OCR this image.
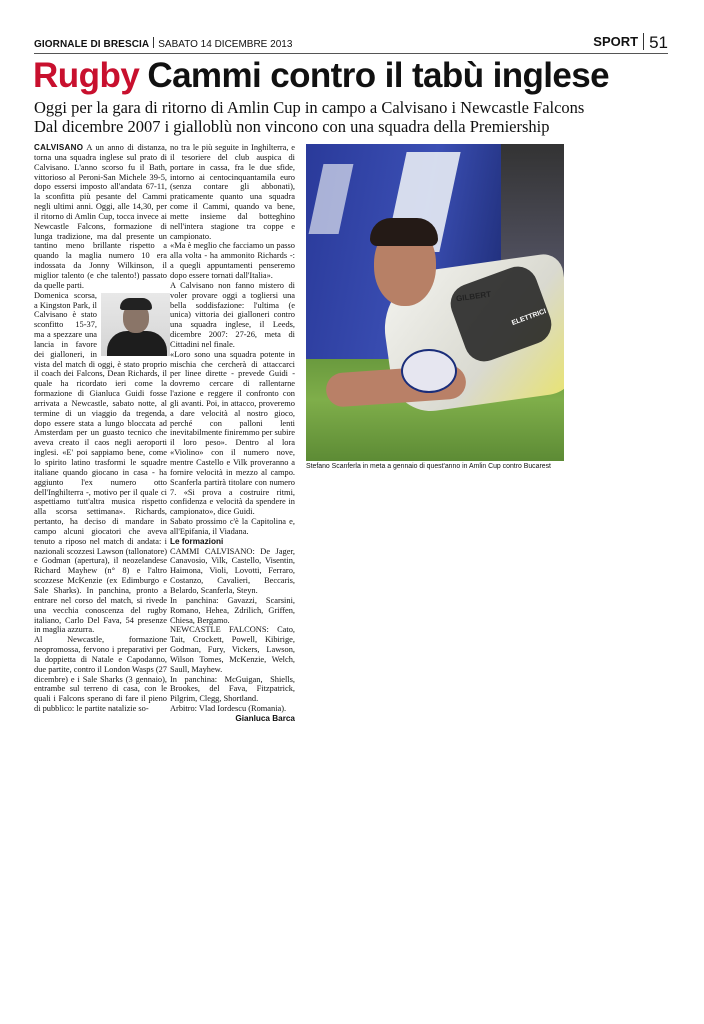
GIORNALE DI BRESCIA SABATO 14 DICEMBRE 2013	SPORT 51
Rugby Cammi contro il tabù inglese
Oggi per la gara di ritorno di Amlin Cup in campo a Calvisano i Newcastle Falcons
Dal dicembre 2007 i giallоblù non vincono con una squadra della Premiership

CALVISANO A un anno di distanza, torna una squadra inglese sul prato di Calvisano. L'anno scorso fu il Bath, vittorioso al Peroni-San Michele 39-5, dopo essersi imposto all'andata 67-11, la sconfitta più pesante del Cammi negli ultimi anni. Oggi, alle 14,30, per il ritorno di Amlin Cup, tocca invece ai Newcastle Falcons, formazione di lunga tradizione, ma dal presente un tantino meno brillante rispetto a quando la maglia numero 10 era indossata da Jonny Wilkinson, il miglior talento (e che talento!) passato da quelle parti.

Domenica scorsa, a Kingston Park, il Calvisano è stato sconfitto 15-37, ma a spezzare una lancia in favore dei gialloneri, in vista del match di oggi, è stato proprio il coach dei Falcons, Dean Richards, il quale ha ricordato ieri come la formazione di Gianluca Guidi fosse arrivata a Newcastle, sabato notte, al termine di un viaggio da tregenda, dopo essere stata a lungo bloccata ad Amsterdam per un guasto tecnico che aveva creato il caos negli aeroporti inglesi. «E' poi sappiamo bene, come lo spirito latino trasformi le squadre italiane quando giocano in casa - ha aggiunto l'ex numero otto dell'Inghilterra -, motivo per il quale ci aspettiamo tutt'altra musica rispetto alla scorsa settimana». Richards, pertanto, ha deciso di mandare in campo alcuni giocatori che aveva tenuto a riposo nel match di andata: i nazionali scozzesi Lawson (tallonatore) e Godman (apertura), il neozelandese Richard Mayhew (n° 8) e l'altro scozzese McKenzie (ex Edimburgo e Sale Sharks). In panchina, pronto a entrare nel corso del match, si rivede una vecchia conoscenza del rugby italiano, Carlo Del Fava, 54 presenze in maglia azzurra.

Al Newcastle, formazione neopromossa, fervono i preparativi per la doppietta di Natale e Capodanno, due partite, contro il London Wasps (27 dicembre) e i Sale Sharks (3 gennaio), entrambe sul terreno di casa, con le quali i Falcons sperano di fare il pieno di pubblico: le partite natalizie so-

no tra le più seguite in Inghilterra, e il tesoriere del club auspica di portare in cassa, fra le due sfide, intorno ai centocinquantamila euro (senza contare gli abbonati), praticamente quanto una squadra come il Cammi, quando va bene, mette insieme dal botteghino nell'intera stagione tra coppe e campionato.

«Ma è meglio che facciamo un passo alla volta - ha ammonito Richards -: a quegli appuntamenti penseremo dopo essere tornati dall'Italia».

A Calvisano non fanno mistero di voler provare oggi a togliersi una bella soddisfazione: l'ultima (e unica) vittoria dei gialloneri contro una squadra inglese, il Leeds, dicembre 2007: 27-26, meta di Cittadini nel finale.

«Loro sono una squadra potente in mischia che cercherà di attaccarci per linee dirette - prevede Guidi - dovremo cercare di rallentarne l'azione e reggere il confronto con gli avanti. Poi, in attacco, proveremo a dare velocità al nostro gioco, perché con palloni lenti inevitabilmente finiremmo per subire il loro peso». Dentro al lora «Violino» con il numero nove, mentre Castello e Vilk proveranno a fornire velocità in mezzo al campo. Scanferla partirà titolare con numero 7. «Si prova a costruire ritmi, confidenza e velocità da spendere in campionato», dice Guidi.

Sabato prossimo c'è la Capitolina e, all'Epifania, il Viadana.

Le formazioni

CAMMI CALVISANO: De Jager, Canavosio, Vilk, Castello, Visentin, Haimona, Violi, Lovotti, Ferraro, Costanzo, Cavalieri, Beccaris, Belardo, Scanferla, Steyn.

In panchina: Gavazzi, Scarsini, Romano, Hehea, Zdrilich, Griffen, Chiesa, Bergamo.

NEWCASTLE FALCONS: Cato, Tait, Crockett, Powell, Kibirige, Godman, Fury, Vickers, Lawson, Wilson Tomes, McKenzie, Welch, Saull, Mayhew.

In panchina: McGuigan, Shiells, Brookes, del Fava, Fitzpatrick, Pilgrim, Clegg, Shortland.

Arbitro: Vlad Iordescu (Romania).

Gianluca Barca

GILBERT
ELETTRICI
Stefano Scanferla in meta a gennaio di quest'anno in Amlin Cup contro Bucarest
